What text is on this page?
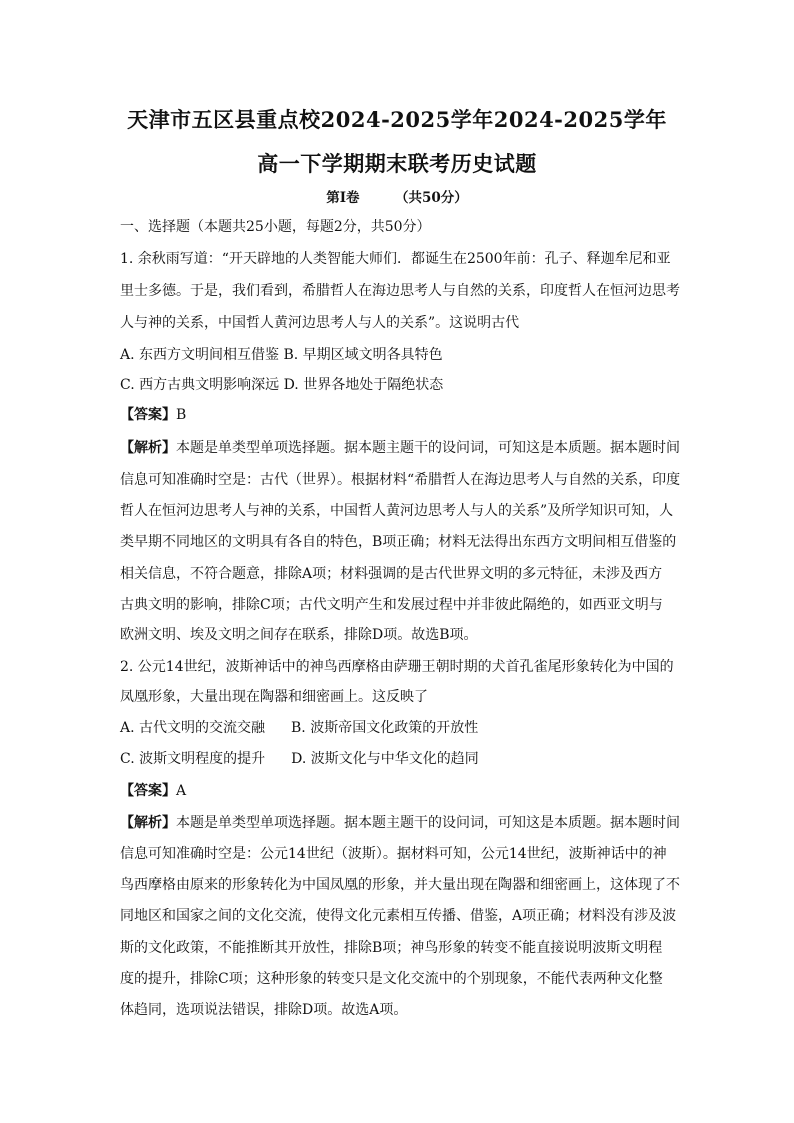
天津市五区县重点校2024-2025学年2024-2025学年
高一下学期期末联考历史试题
第Ⅰ卷	（共50分）
一、选择题（本题共25小题，每题2分，共50分）
1. 余秋雨写道：“开天辟地的人类智能大师们．都诞生在2500年前：孔子、释迦牟尼和亚
里士多德。于是，我们看到，希腊哲人在海边思考人与自然的关系，印度哲人在恒河边思考
人与神的关系，中国哲人黄河边思考人与人的关系”。这说明古代
A. 东西方文明间相互借鉴 B. 早期区域文明各具特色
C. 西方古典文明影响深远 D. 世界各地处于隔绝状态
【答案】B
【解析】本题是单类型单项选择题。据本题主题干的设问词，可知这是本质题。据本题时间
信息可知准确时空是：古代（世界）。根据材料“希腊哲人在海边思考人与自然的关系，印度
哲人在恒河边思考人与神的关系，中国哲人黄河边思考人与人的关系”及所学知识可知，人
类早期不同地区的文明具有各自的特色，B项正确；材料无法得出东西方文明间相互借鉴的
相关信息，不符合题意，排除A项；材料强调的是古代世界文明的多元特征，未涉及西方
古典文明的影响，排除C项；古代文明产生和发展过程中并非彼此隔绝的，如西亚文明与
欧洲文明、埃及文明之间存在联系，排除D项。故选B项。
2. 公元14世纪，波斯神话中的神鸟西摩格由萨珊王朝时期的犬首孔雀尾形象转化为中国的
凤凰形象，大量出现在陶器和细密画上。这反映了
A. 古代文明的交流交融 B. 波斯帝国文化政策的开放性
C. 波斯文明程度的提升 D. 波斯文化与中华文化的趋同
【答案】A
【解析】本题是单类型单项选择题。据本题主题干的设问词，可知这是本质题。据本题时间
信息可知准确时空是：公元14世纪（波斯）。据材料可知，公元14世纪，波斯神话中的神
鸟西摩格由原来的形象转化为中国凤凰的形象，并大量出现在陶器和细密画上，这体现了不
同地区和国家之间的文化交流，使得文化元素相互传播、借鉴，A项正确；材料没有涉及波
斯的文化政策，不能推断其开放性，排除B项；神鸟形象的转变不能直接说明波斯文明程
度的提升，排除C项；这种形象的转变只是文化交流中的个别现象，不能代表两种文化整
体趋同，选项说法错误，排除D项。故选A项。
